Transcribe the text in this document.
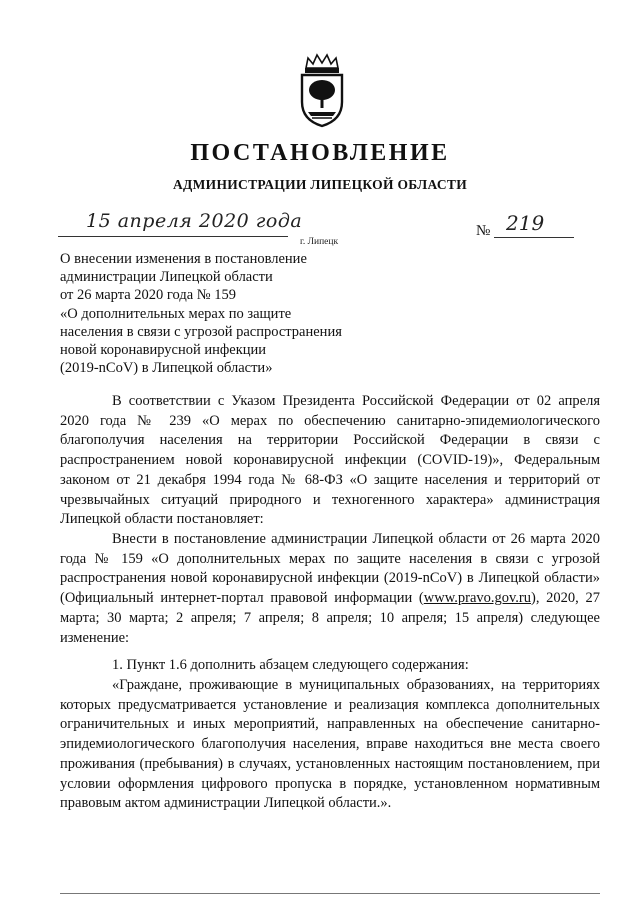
ПОСТАНОВЛЕНИЕ
АДМИНИСТРАЦИИ ЛИПЕЦКОЙ ОБЛАСТИ
15 апреля 2020 года
г. Липецк
№ 219
О внесении изменения в постановление
администрации Липецкой области
от 26 марта 2020 года № 159
«О дополнительных мерах по защите
населения в связи с угрозой распространения
новой коронавирусной инфекции
(2019-nCoV) в Липецкой области»

В соответствии с Указом Президента Российской Федерации от 02 апреля 2020 года № 239 «О мерах по обеспечению санитарно-эпидемиологического благополучия населения на территории Российской Федерации в связи с распространением новой коронавирусной инфекции (COVID-19)», Федеральным законом от 21 декабря 1994 года № 68-ФЗ «О защите населения и территорий от чрезвычайных ситуаций природного и техногенного характера» администрация Липецкой области постановляет:

Внести в постановление администрации Липецкой области от 26 марта 2020 года № 159 «О дополнительных мерах по защите населения в связи с угрозой распространения новой коронавирусной инфекции (2019-nCoV) в Липецкой области» (Официальный интернет-портал правовой информации (www.pravo.gov.ru), 2020, 27 марта; 30 марта; 2 апреля; 7 апреля; 8 апреля; 10 апреля; 15 апреля) следующее изменение:

1. Пункт 1.6 дополнить абзацем следующего содержания:

«Граждане, проживающие в муниципальных образованиях, на территориях которых предусматривается установление и реализация комплекса дополнительных ограничительных и иных мероприятий, направленных на обеспечение санитарно-эпидемиологического благополучия населения, вправе находиться вне места своего проживания (пребывания) в случаях, установленных настоящим постановлением, при условии оформления цифрового пропуска в порядке, установленном нормативным правовым актом администрации Липецкой области.».
